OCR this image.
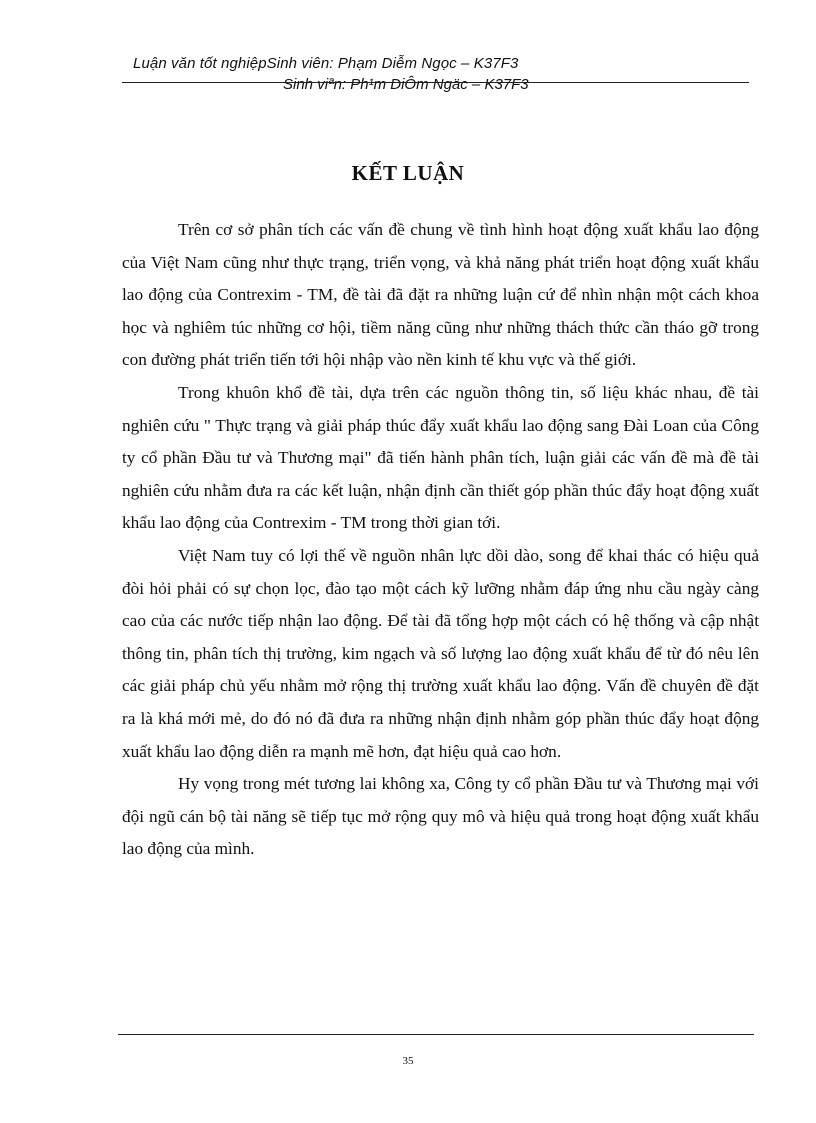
Luận văn tốt nghiệpSinh viên: Phạm Diễm Ngọc – K37F3
Sinh viªn: Ph¹m DiÔm Ngäc – K37F3
KẾT LUẬN

Trên cơ sở phân tích các vấn đề chung về tình hình hoạt động xuất khẩu lao động của Việt Nam cũng như thực trạng, triển vọng, và khả năng phát triển hoạt động xuất khẩu lao động của Contrexim - TM, đề tài đã đặt ra những luận cứ để nhìn nhận một cách khoa học và nghiêm túc những cơ hội, tiềm năng cũng như những thách thức cần tháo gỡ trong con đường phát triển tiến tới hội nhập vào nền kinh tế khu vực và thế giới.

Trong khuôn khổ đề tài, dựa trên các nguồn thông tin, số liệu khác nhau, đề tài nghiên cứu " Thực trạng và giải pháp thúc đẩy xuất khẩu lao động sang Đài Loan của Công ty cổ phần Đầu tư và Thương mại" đã tiến hành phân tích, luận giải các vấn đề mà đề tài nghiên cứu nhằm đưa ra các kết luận, nhận định cần thiết góp phần thúc đẩy hoạt động xuất khẩu lao động của Contrexim - TM trong thời gian tới.

Việt Nam tuy có lợi thế về nguồn nhân lực dồi dào, song để khai thác có hiệu quả đòi hỏi phải có sự chọn lọc, đào tạo một cách kỹ lưỡng nhằm đáp ứng nhu cầu ngày càng cao của các nước tiếp nhận lao động. Để tài đã tổng hợp một cách có hệ thống và cập nhật thông tin, phân tích thị trường, kim ngạch và số lượng lao động xuất khẩu để từ đó nêu lên các giải pháp chủ yếu nhằm mở rộng thị trường xuất khẩu lao động. Vấn đề chuyên đề đặt ra là khá mới mẻ, do đó nó đã đưa ra những nhận định nhằm góp phần thúc đẩy hoạt động xuất khẩu lao động diễn ra mạnh mẽ hơn, đạt hiệu quả cao hơn.

Hy vọng trong mét tương lai không xa, Công ty cổ phần Đầu tư và Thương mại với đội ngũ cán bộ tài năng sẽ tiếp tục mở rộng quy mô và hiệu quả trong hoạt động xuất khẩu lao động của mình.

35
